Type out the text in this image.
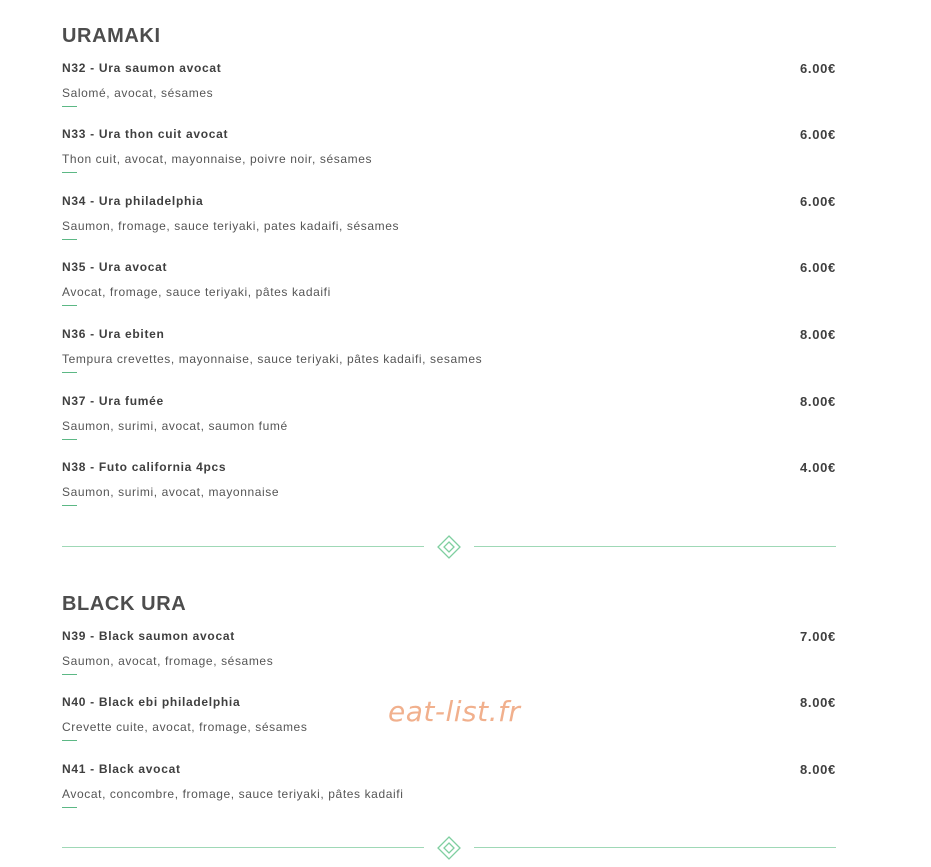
URAMAKI
N32 - Ura saumon avocat	6.00€
Salomé, avocat, sésames
N33 - Ura thon cuit avocat	6.00€
Thon cuit, avocat, mayonnaise, poivre noir, sésames
N34 - Ura philadelphia	6.00€
Saumon, fromage, sauce teriyaki, pates kadaifi, sésames
N35 - Ura avocat	6.00€
Avocat, fromage, sauce teriyaki, pâtes kadaifi
N36 - Ura ebiten	8.00€
Tempura crevettes, mayonnaise, sauce teriyaki, pâtes kadaifi, sesames
N37 - Ura fumée	8.00€
Saumon, surimi, avocat, saumon fumé
N38 - Futo california 4pcs	4.00€
Saumon, surimi, avocat, mayonnaise
BLACK URA
N39 - Black saumon avocat	7.00€
Saumon, avocat, fromage, sésames
N40 - Black ebi philadelphia	8.00€
Crevette cuite, avocat, fromage, sésames
N41 - Black avocat	8.00€
Avocat, concombre, fromage, sauce teriyaki, pâtes kadaifi
eat-list.fr
